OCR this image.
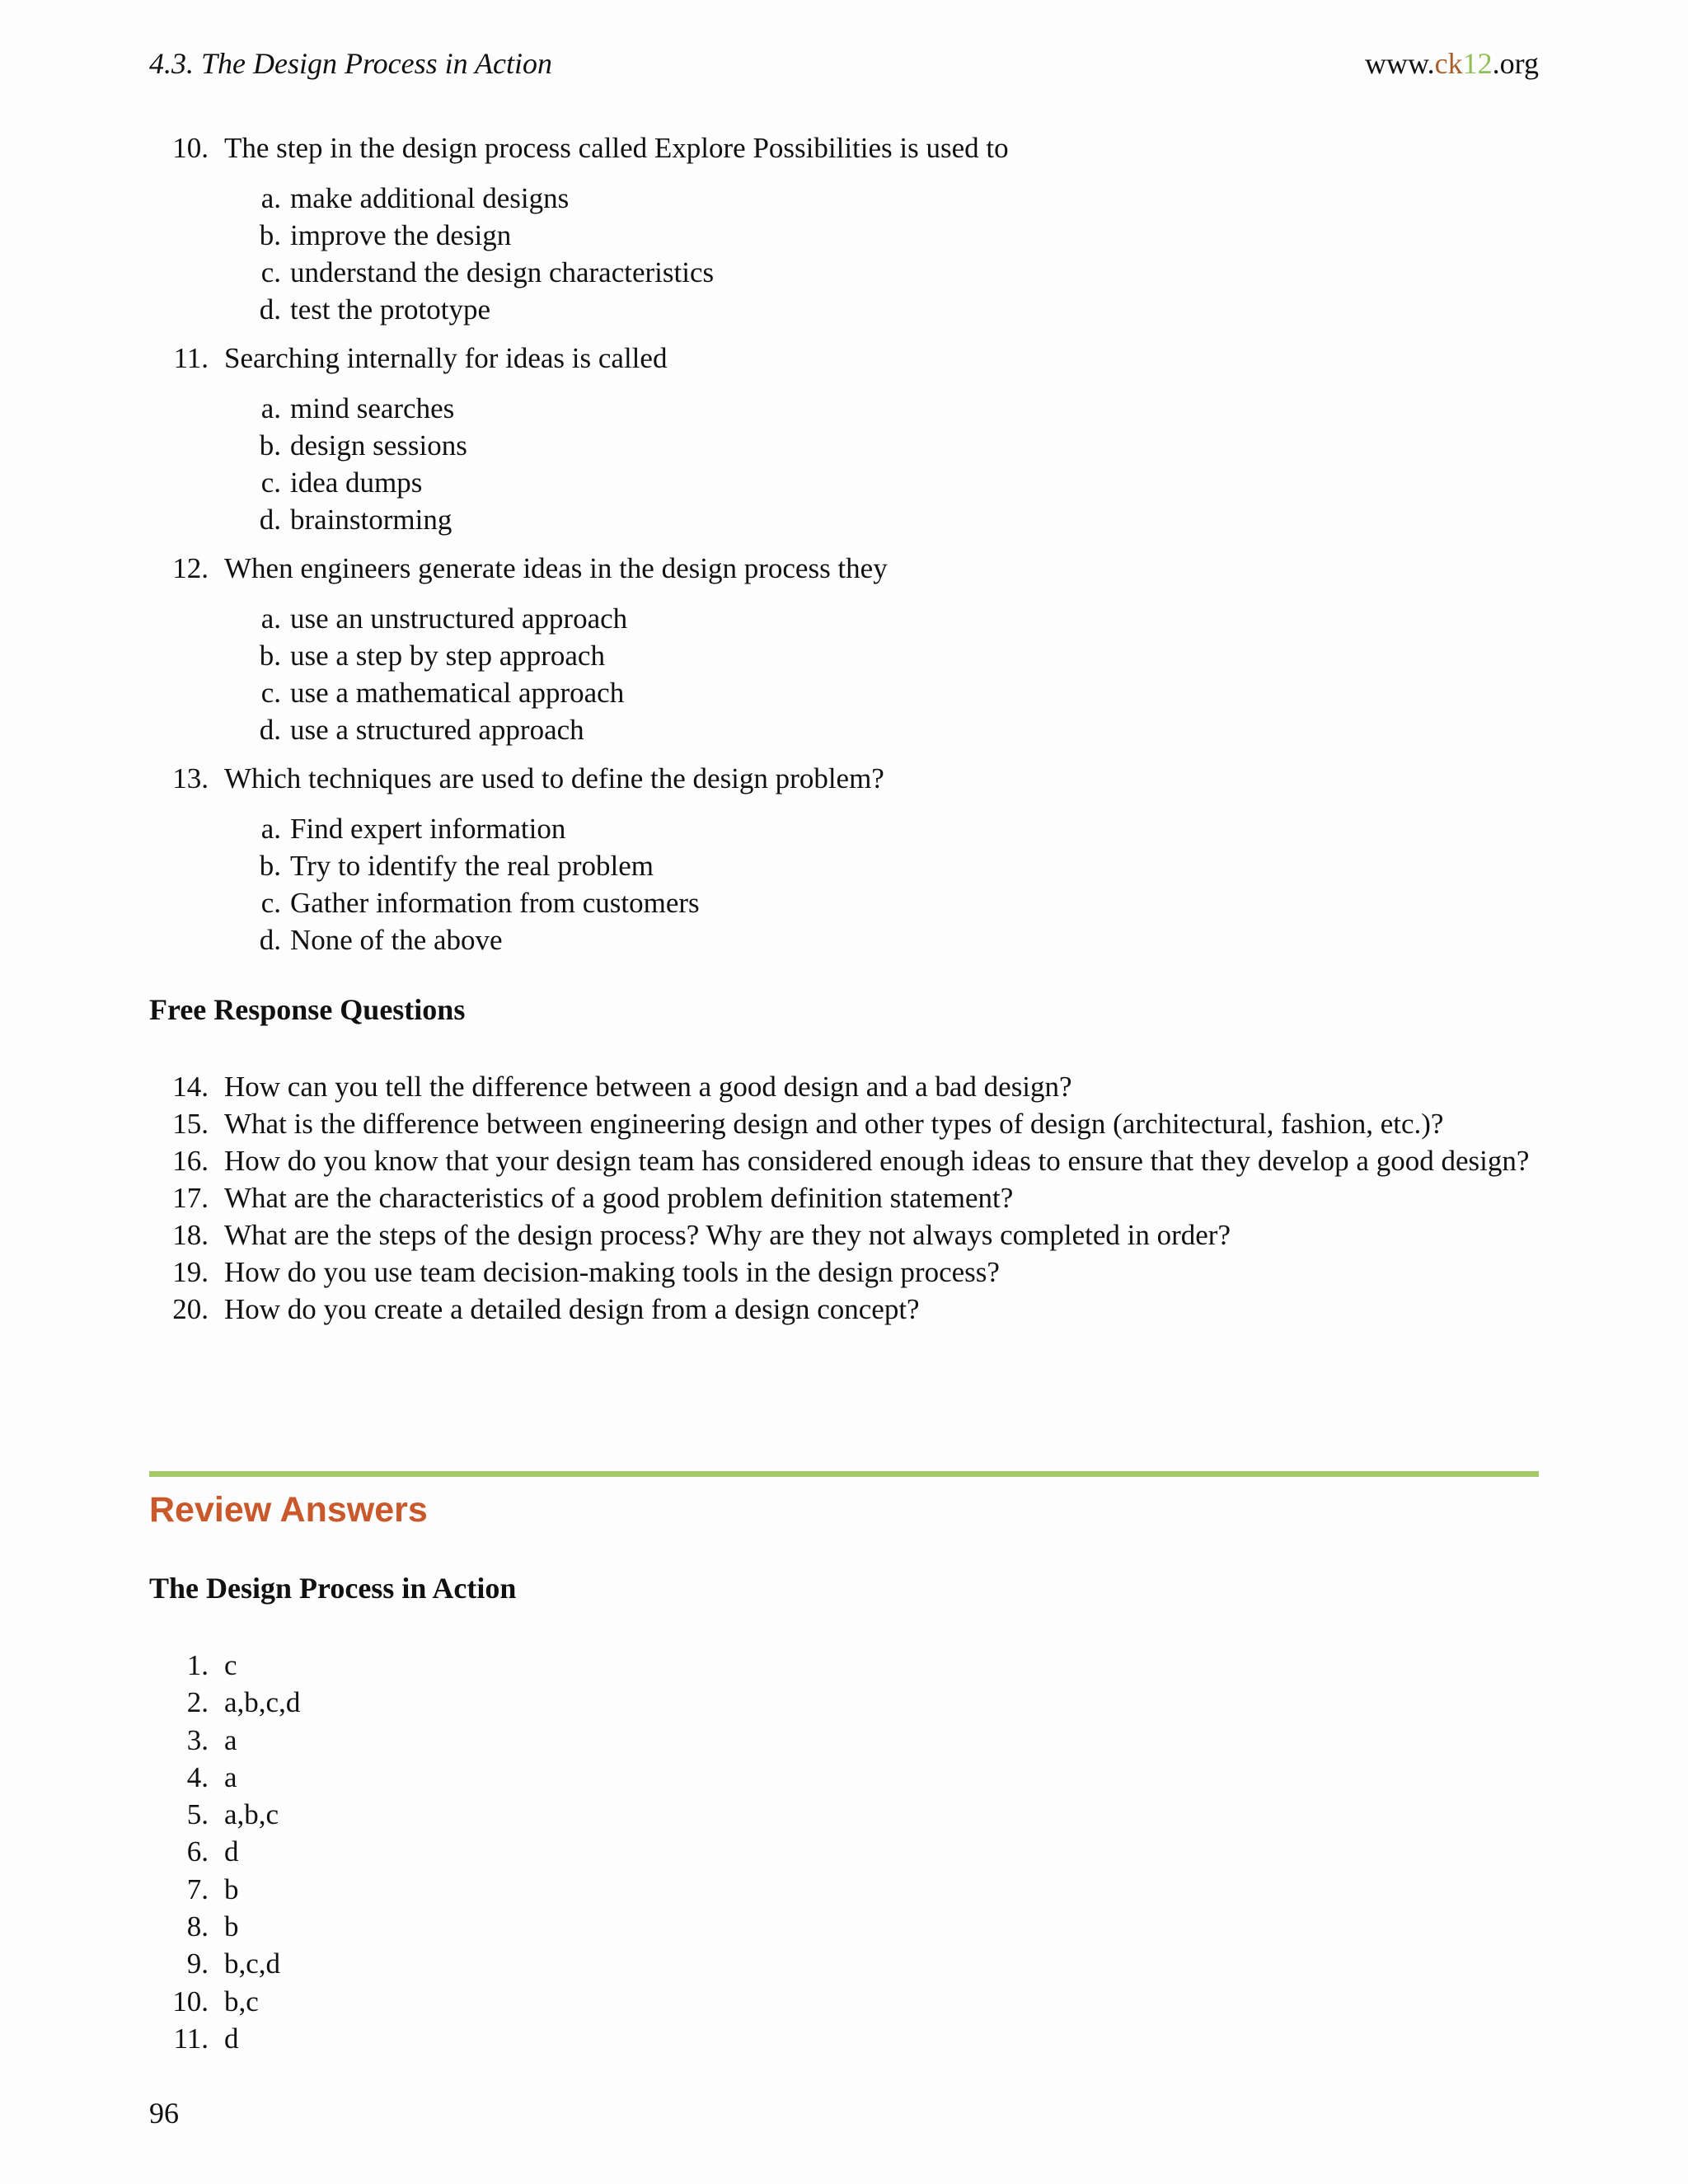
4.3. The Design Process in Action	www.ck12.org
10. The step in the design process called Explore Possibilities is used to
a. make additional designs
b. improve the design
c. understand the design characteristics
d. test the prototype
11. Searching internally for ideas is called
a. mind searches
b. design sessions
c. idea dumps
d. brainstorming
12. When engineers generate ideas in the design process they
a. use an unstructured approach
b. use a step by step approach
c. use a mathematical approach
d. use a structured approach
13. Which techniques are used to define the design problem?
a. Find expert information
b. Try to identify the real problem
c. Gather information from customers
d. None of the above
Free Response Questions
14. How can you tell the difference between a good design and a bad design?
15. What is the difference between engineering design and other types of design (architectural, fashion, etc.)?
16. How do you know that your design team has considered enough ideas to ensure that they develop a good design?
17. What are the characteristics of a good problem definition statement?
18. What are the steps of the design process? Why are they not always completed in order?
19. How do you use team decision-making tools in the design process?
20. How do you create a detailed design from a design concept?
Review Answers
The Design Process in Action
1. c
2. a,b,c,d
3. a
4. a
5. a,b,c
6. d
7. b
8. b
9. b,c,d
10. b,c
11. d
96
